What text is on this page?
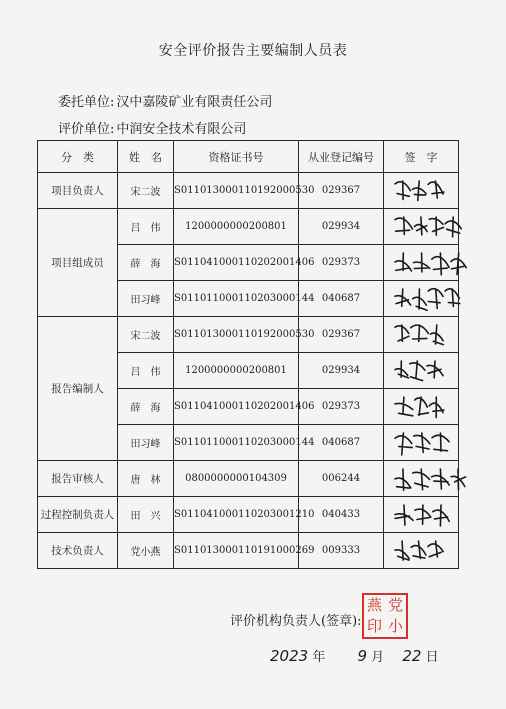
安全评价报告主要编制人员表
委托单位: 汉中嘉陵矿业有限责任公司
评价单位: 中润安全技术有限公司
分　类	姓　名	资格证书号	从业登记编号	签　字
项目负责人	宋二波	S011013000110192000530	029367	

项目组成员	吕　伟	1200000000200801	029934	

	薛　海	S011041000110202001406	029373	

	田习峰	S011011000110203000144	040687	

报告编制人	宋二波	S011013000110192000530	029367	

	吕　伟	1200000000200801	029934	

	薛　海	S011041000110202001406	029373	

	田习峰	S011011000110203000144	040687	

报告审核人	唐　林	0800000000104309	006244	

过程控制负责人	田　兴	S011041000110203001210	040433	

技术负责人	党小燕	S011013000110191000269	009333	
评价机构负责人(签章):
燕 党
印 小
2023 年 9 月 22 日
